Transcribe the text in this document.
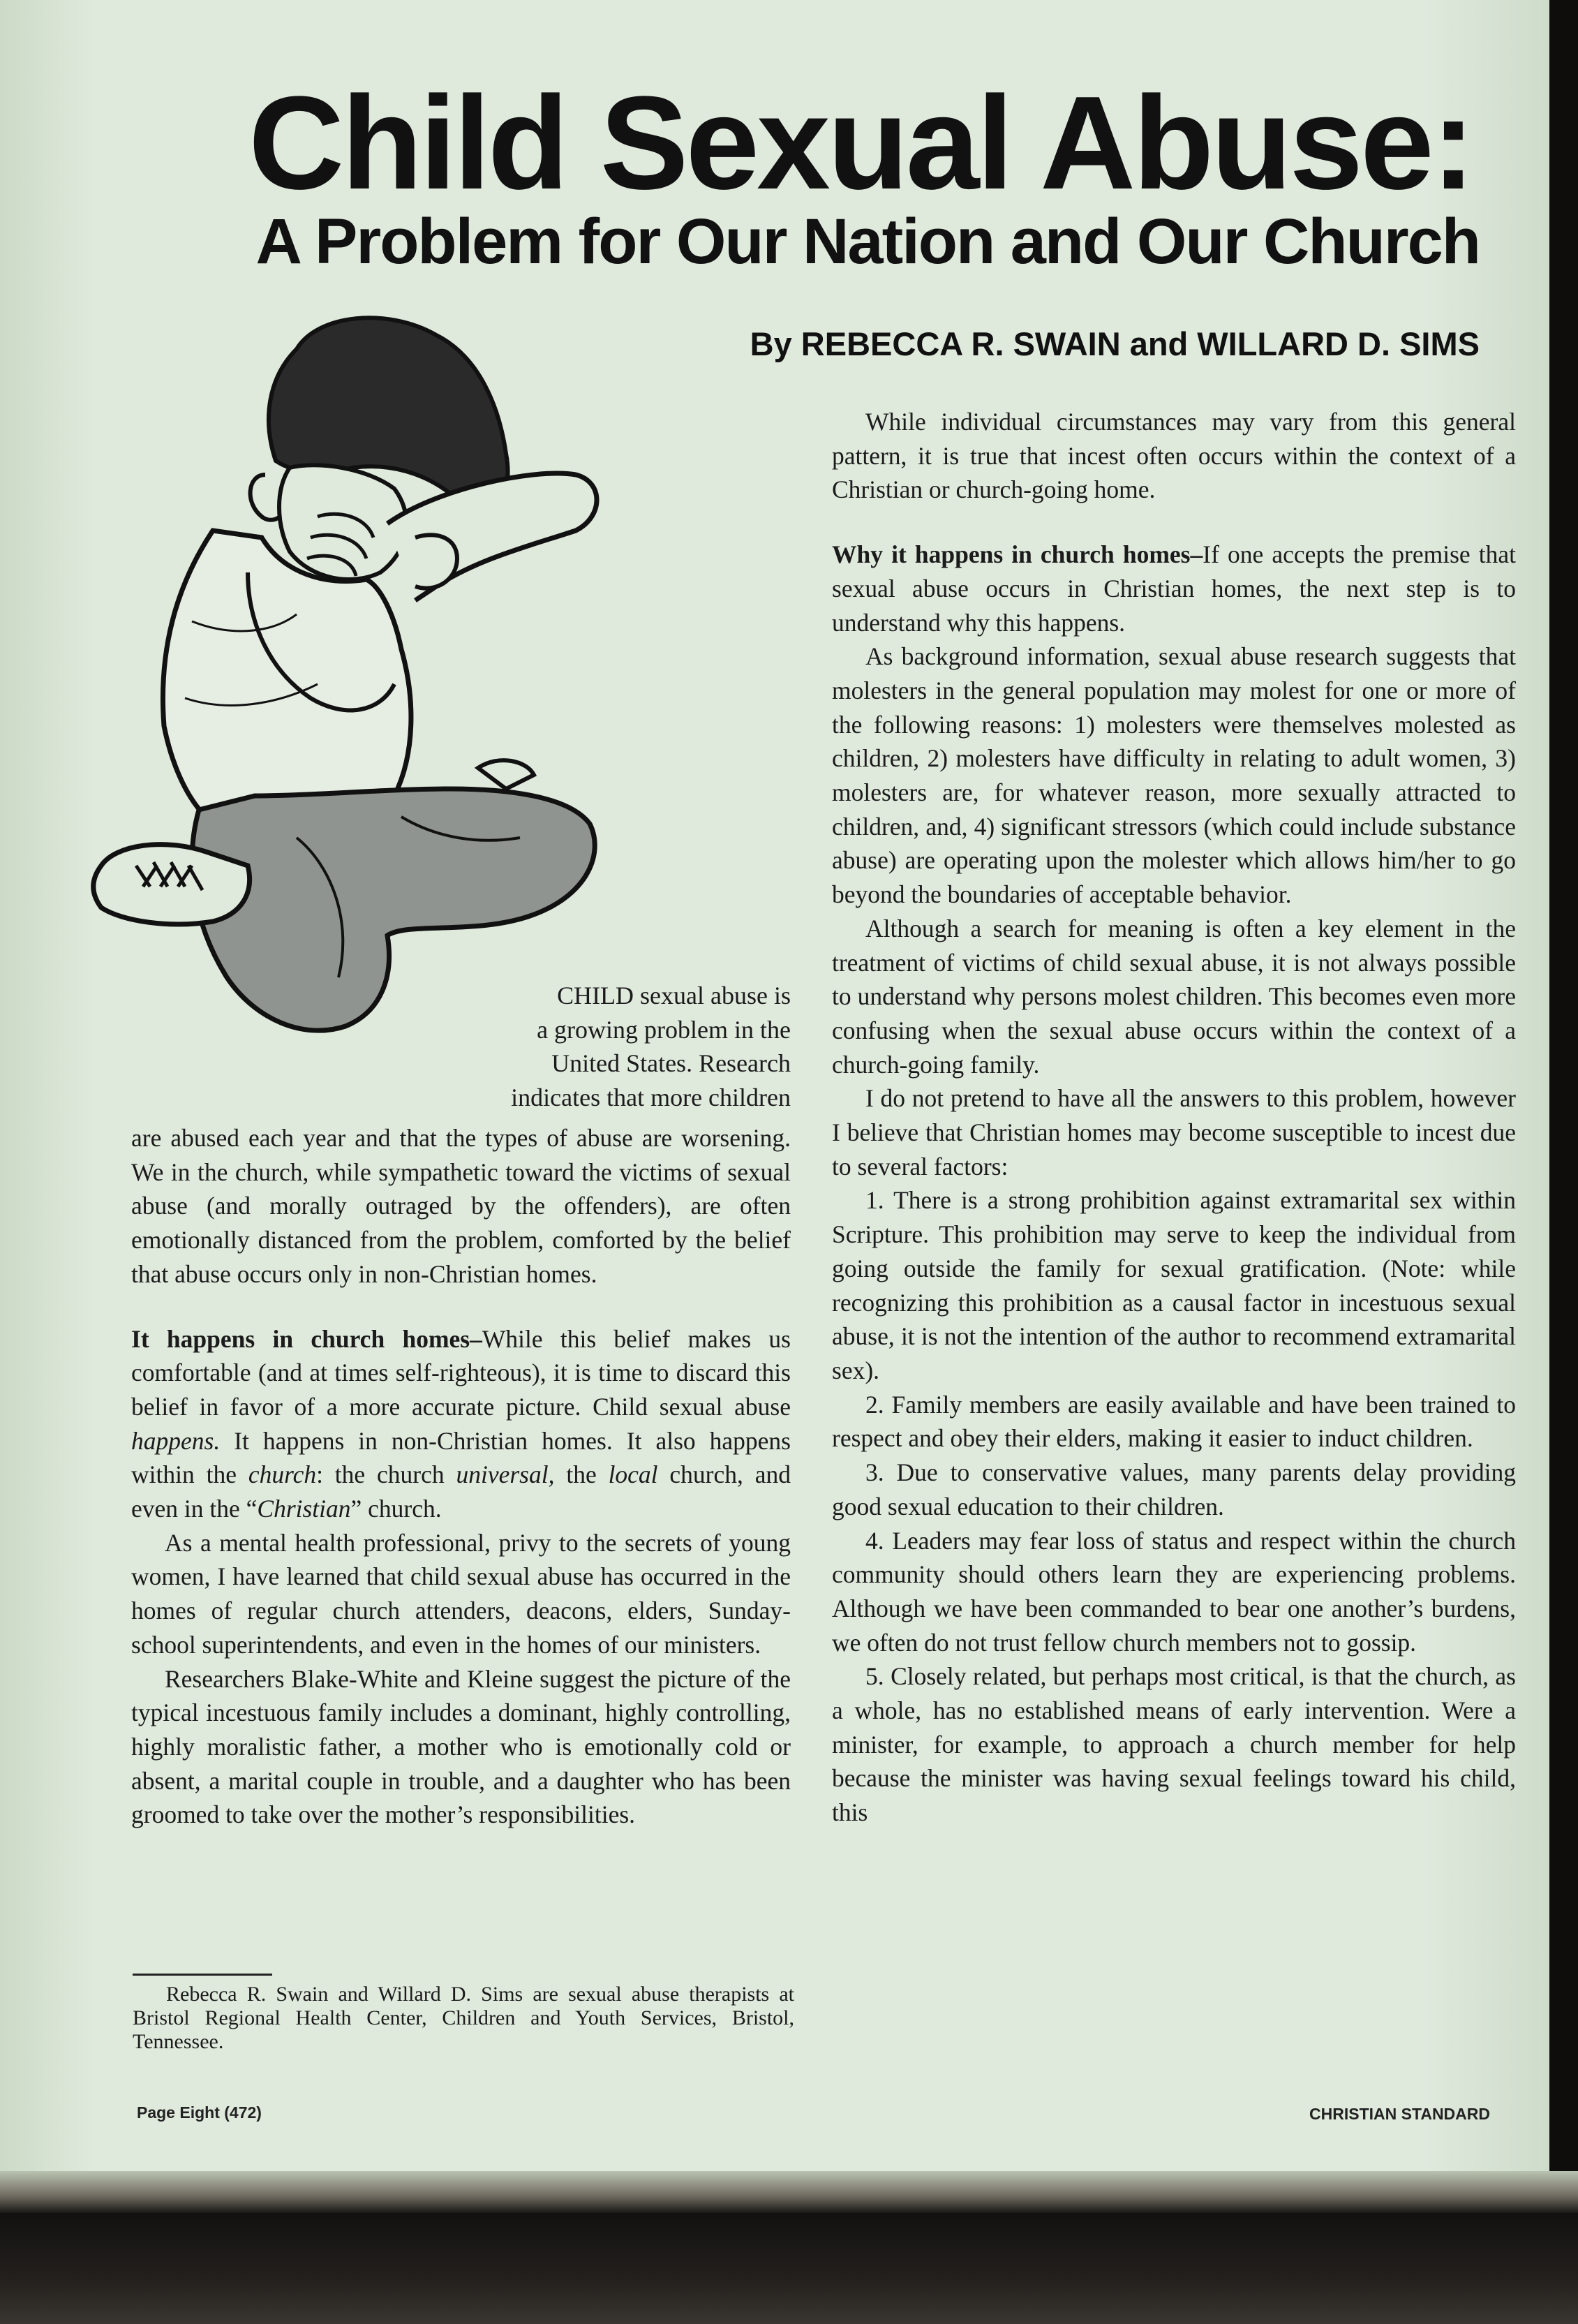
Child Sexual Abuse:
A Problem for Our Nation and Our Church
By REBECCA R. SWAIN and WILLARD D. SIMS
CHILD sexual abuse is
a growing problem in the
United States. Research
indicates that more children

are abused each year and that the types of abuse are worsening. We in the church, while sympathetic toward the victims of sexual abuse (and morally outraged by the offenders), are often emotionally distanced from the problem, comforted by the belief that abuse occurs only in non-Christian homes.

It happens in church homes–While this belief makes us comfortable (and at times self-righteous), it is time to discard this belief in favor of a more accurate picture. Child sexual abuse happens. It happens in non-Christian homes. It also happens within the church: the church universal, the local church, and even in the “Christian” church.

As a mental health professional, privy to the secrets of young women, I have learned that child sexual abuse has occurred in the homes of regular church attenders, deacons, elders, Sunday-school superintendents, and even in the homes of our ministers.

Researchers Blake-White and Kleine suggest the picture of the typical incestuous family includes a dominant, highly controlling, highly moralistic father, a mother who is emotionally cold or absent, a marital couple in trouble, and a daughter who has been groomed to take over the mother’s responsibilities.

Rebecca R. Swain and Willard D. Sims are sexual abuse therapists at Bristol Regional Health Center, Children and Youth Services, Bristol, Tennessee.

While individual circumstances may vary from this general pattern, it is true that incest often occurs within the context of a Christian or church-going home.

Why it happens in church homes–If one accepts the premise that sexual abuse occurs in Christian homes, the next step is to understand why this happens.

As background information, sexual abuse research suggests that molesters in the general population may molest for one or more of the following reasons: 1) molesters were themselves molested as children, 2) molesters have difficulty in relating to adult women, 3) molesters are, for whatever reason, more sexually attracted to children, and, 4) significant stressors (which could include substance abuse) are operating upon the molester which allows him/her to go beyond the boundaries of acceptable behavior.

Although a search for meaning is often a key element in the treatment of victims of child sexual abuse, it is not always possible to understand why persons molest children. This becomes even more confusing when the sexual abuse occurs within the context of a church-going family.

I do not pretend to have all the answers to this problem, however I believe that Christian homes may become susceptible to incest due to several factors:

1. There is a strong prohibition against extramarital sex within Scripture. This prohibition may serve to keep the individual from going outside the family for sexual gratification. (Note: while recognizing this prohibition as a causal factor in incestuous sexual abuse, it is not the intention of the author to recommend extramarital sex).

2. Family members are easily available and have been trained to respect and obey their elders, making it easier to induct children.

3. Due to conservative values, many parents delay providing good sexual education to their children.

4. Leaders may fear loss of status and respect within the church community should others learn they are experiencing problems. Although we have been commanded to bear one another’s burdens, we often do not trust fellow church members not to gossip.

5. Closely related, but perhaps most critical, is that the church, as a whole, has no established means of early intervention. Were a minister, for example, to approach a church member for help because the minister was having sexual feelings toward his child, this

Page Eight (472)	CHRISTIAN STANDARD
